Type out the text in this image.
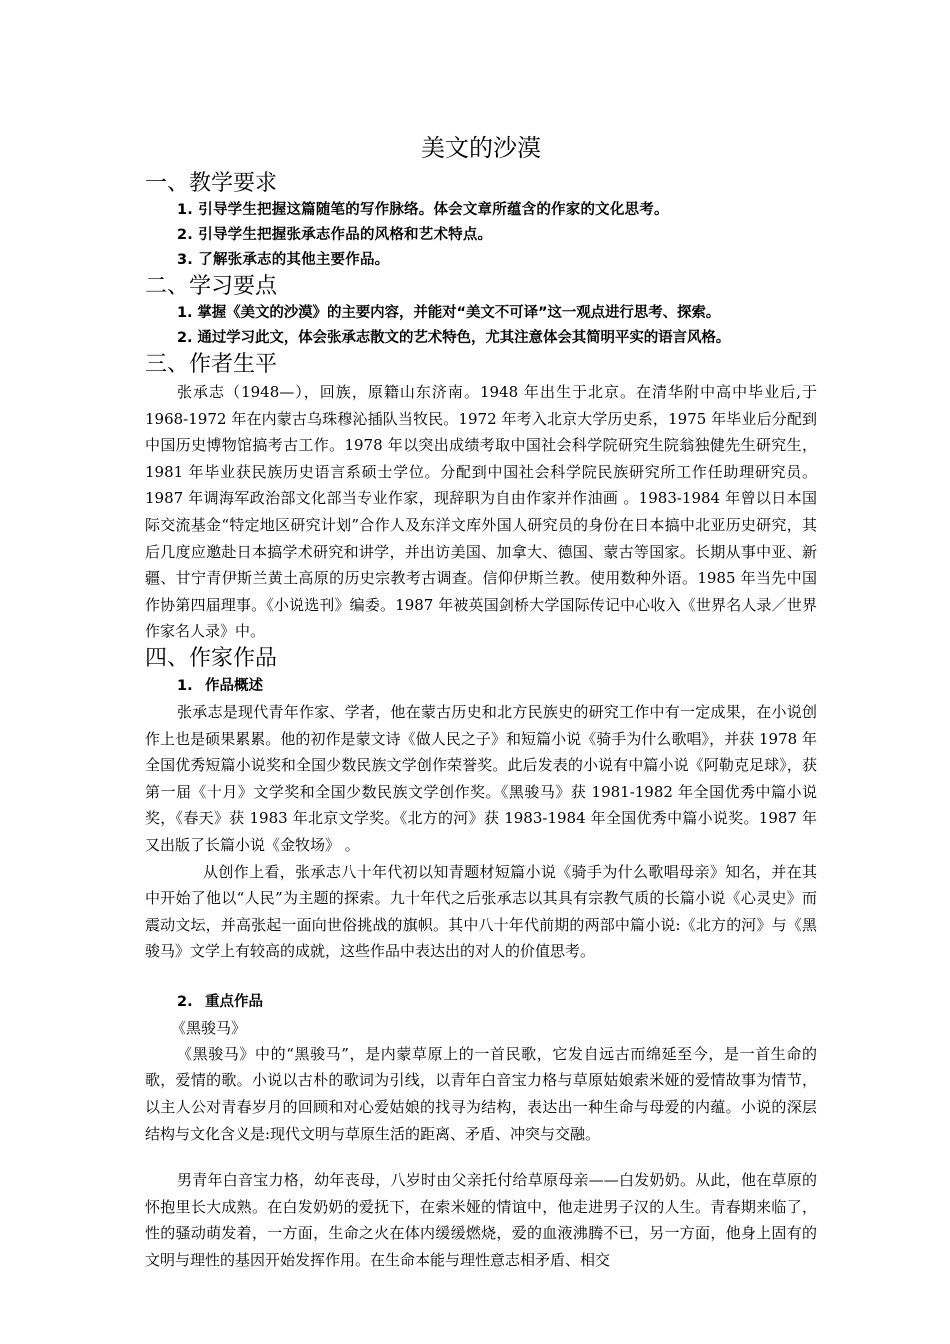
美文的沙漠
一、教学要求

1. 引导学生把握这篇随笔的写作脉络。体会文章所蕴含的作家的文化思考。

2. 引导学生把握张承志作品的风格和艺术特点。

3. 了解张承志的其他主要作品。

二、学习要点

1. 掌握《美文的沙漠》的主要内容，并能对“美文不可译”这一观点进行思考、探索。

2. 通过学习此文，体会张承志散文的艺术特色，尤其注意体会其简明平实的语言风格。

三、作者生平

张承志（1948—），回族，原籍山东济南。1948 年出生于北京。在清华附中高中毕业后,于 1968-1972 年在内蒙古乌珠穆沁插队当牧民。1972 年考入北京大学历史系，1975 年毕业后分配到中国历史博物馆搞考古工作。1978 年以突出成绩考取中国社会科学院研究生院翁独健先生研究生，1981 年毕业获民族历史语言系硕士学位。分配到中国社会科学院民族研究所工作任助理研究员。1987 年调海军政治部文化部当专业作家，现辞职为自由作家并作油画 。1983-1984 年曾以日本国际交流基金“特定地区研究计划”合作人及东洋文库外国人研究员的身份在日本搞中北亚历史研究，其后几度应邀赴日本搞学术研究和讲学，并出访美国、加拿大、德国、蒙古等国家。长期从事中亚、新疆、甘宁青伊斯兰黄土高原的历史宗教考古调查。信仰伊斯兰教。使用数种外语。1985 年当先中国作协第四届理事。《小说选刊》编委。1987 年被英国剑桥大学国际传记中心收入《世界名人录／世界作家名人录》中。

四、作家作品

1. 作品概述

张承志是现代青年作家、学者，他在蒙古历史和北方民族史的研究工作中有一定成果，在小说创作上也是硕果累累。他的初作是蒙文诗《做人民之子》和短篇小说《骑手为什么歌唱》，并获 1978 年全国优秀短篇小说奖和全国少数民族文学创作荣誉奖。此后发表的小说有中篇小说《阿勒克足球》，获第一届《十月》文学奖和全国少数民族文学创作奖。《黑骏马》获 1981-1982 年全国优秀中篇小说奖，《春天》获 1983 年北京文学奖。《北方的河》获 1983-1984 年全国优秀中篇小说奖。1987 年又出版了长篇小说《金牧场》 。

从创作上看，张承志八十年代初以知青题材短篇小说《骑手为什么歌唱母亲》知名，并在其中开始了他以“人民”为主题的探索。九十年代之后张承志以其具有宗教气质的长篇小说《心灵史》而震动文坛，并高张起一面向世俗挑战的旗帜。其中八十年代前期的两部中篇小说:《北方的河》与《黑骏马》文学上有较高的成就，这些作品中表达出的对人的价值思考。

2. 重点作品

《黑骏马》

《黑骏马》中的“黑骏马”，是内蒙草原上的一首民歌，它发自远古而绵延至今，是一首生命的歌，爱情的歌。小说以古朴的歌词为引线，以青年白音宝力格与草原姑娘索米娅的爱情故事为情节，以主人公对青春岁月的回顾和对心爱姑娘的找寻为结构，表达出一种生命与母爱的内蕴。小说的深层结构与文化含义是:现代文明与草原生活的距离、矛盾、冲突与交融。

男青年白音宝力格，幼年丧母，八岁时由父亲托付给草原母亲——白发奶奶。从此，他在草原的怀抱里长大成熟。在白发奶奶的爱抚下，在索米娅的情谊中，他走进男子汉的人生。青春期来临了，性的骚动萌发着，一方面，生命之火在体内缓缓燃烧，爱的血液沸腾不已，另一方面，他身上固有的文明与理性的基因开始发挥作用。在生命本能与理性意志相矛盾、相交
